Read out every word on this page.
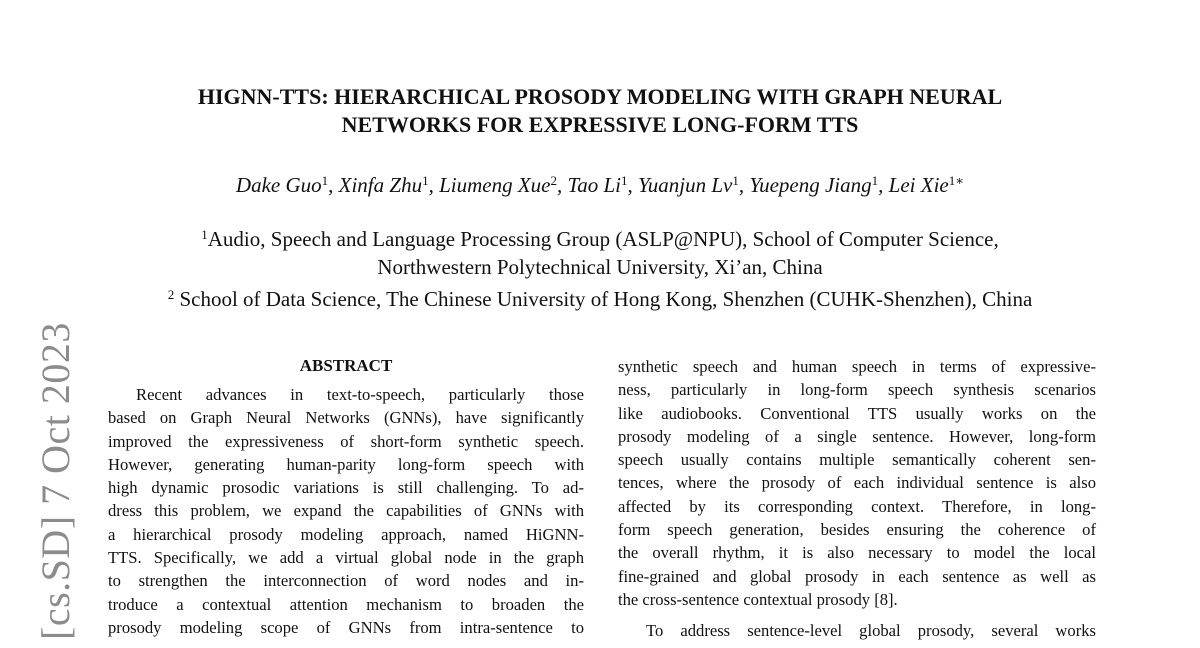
[cs.SD] 7 Oct 2023
HIGNN-TTS: HIERARCHICAL PROSODY MODELING WITH GRAPH NEURAL
NETWORKS FOR EXPRESSIVE LONG-FORM TTS
Dake Guo$^1$, Xinfa Zhu$^1$, Liumeng Xue$^2$, Tao Li$^1$, Yuanjun Lv$^1$, Yuepeng Jiang$^1$, Lei Xie$^{1∗}$
$^1$Audio, Speech and Language Processing Group (ASLP@NPU), School of Computer Science,
Northwestern Polytechnical University, Xi’an, China
$^2$ School of Data Science, The Chinese University of Hong Kong, Shenzhen (CUHK-Shenzhen), China
ABSTRACT
Recent advances in text-to-speech, particularly those
based on Graph Neural Networks (GNNs), have significantly
improved the expressiveness of short-form synthetic speech.
However, generating human-parity long-form speech with
high dynamic prosodic variations is still challenging. To ad-
dress this problem, we expand the capabilities of GNNs with
a hierarchical prosody modeling approach, named HiGNN-
TTS. Specifically, we add a virtual global node in the graph
to strengthen the interconnection of word nodes and in-
troduce a contextual attention mechanism to broaden the
prosody modeling scope of GNNs from intra-sentence to
synthetic speech and human speech in terms of expressive-
ness, particularly in long-form speech synthesis scenarios
like audiobooks. Conventional TTS usually works on the
prosody modeling of a single sentence. However, long-form
speech usually contains multiple semantically coherent sen-
tences, where the prosody of each individual sentence is also
affected by its corresponding context. Therefore, in long-
form speech generation, besides ensuring the coherence of
the overall rhythm, it is also necessary to model the local
fine-grained and global prosody in each sentence as well as
the cross-sentence contextual prosody [8].
To address sentence-level global prosody, several works
